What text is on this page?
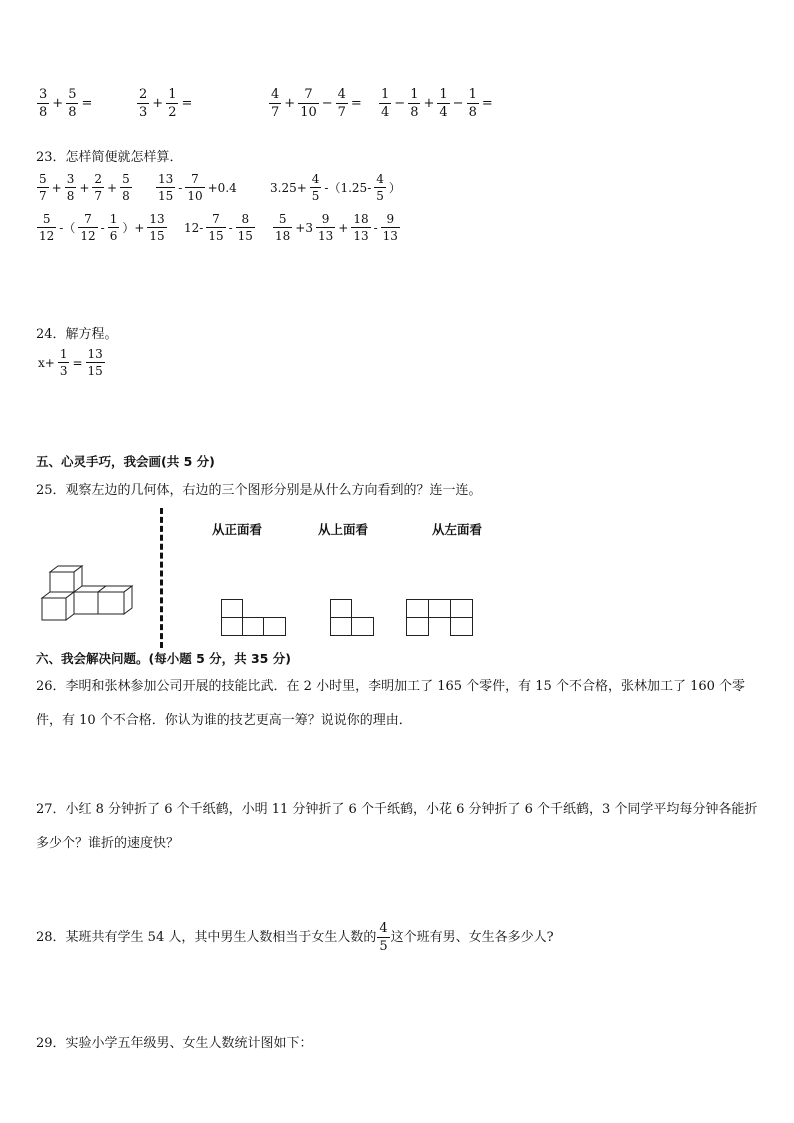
$\frac{3}{8} + \frac{5}{8}$ =	$\frac{2}{3} + \frac{1}{2}$ =	$\frac{4}{7} + \frac{7}{10} - \frac{4}{7} = \frac{1}{4} - \frac{1}{8} + \frac{1}{4} - \frac{1}{8}$ =
23．怎样简便就怎样算．
$\frac{5}{7} + \frac{3}{8} + \frac{2}{7} + \frac{5}{8} \frac{13}{15} - \frac{7}{10} +0.4$	$3.25+ \frac{4}{5} -(1.25- \frac{4}{5}$ ）
$\frac{5}{12}$ -（ $\frac{7}{12} - \frac{1}{6}$ ）+ $\frac{13}{15} 12- \frac{7}{15} - \frac{8}{15} \frac{5}{18} +3 \frac{9}{13} + \frac{18}{13} - \frac{9}{13}$
24．解方程。
$x+ \frac{1}{3} = \frac{13}{15}$
五、心灵手巧，我会画(共 5 分)
25．观察左边的几何体，右边的三个图形分别是从什么方向看到的？连一连。
从正面看	从上面看	从左面看
六、我会解决问题。(每小题 5 分，共 35 分)
26．李明和张林参加公司开展的技能比武．在 2 小时里，李明加工了 165 个零件，有 15 个不合格，张林加工了 160 个零件，有 10 个不合格．你认为谁的技艺更高一筹？说说你的理由．
27．小红 8 分钟折了 6 个千纸鹤，小明 11 分钟折了 6 个千纸鹤，小花 6 分钟折了 6 个千纸鹤，3 个同学平均每分钟各能折多少个？谁折的速度快？
28．某班共有学生 54 人，其中男生人数相当于女生人数的 $\frac{4}{5}$ 这个班有男、女生各多少人?
29．实验小学五年级男、女生人数统计图如下：
